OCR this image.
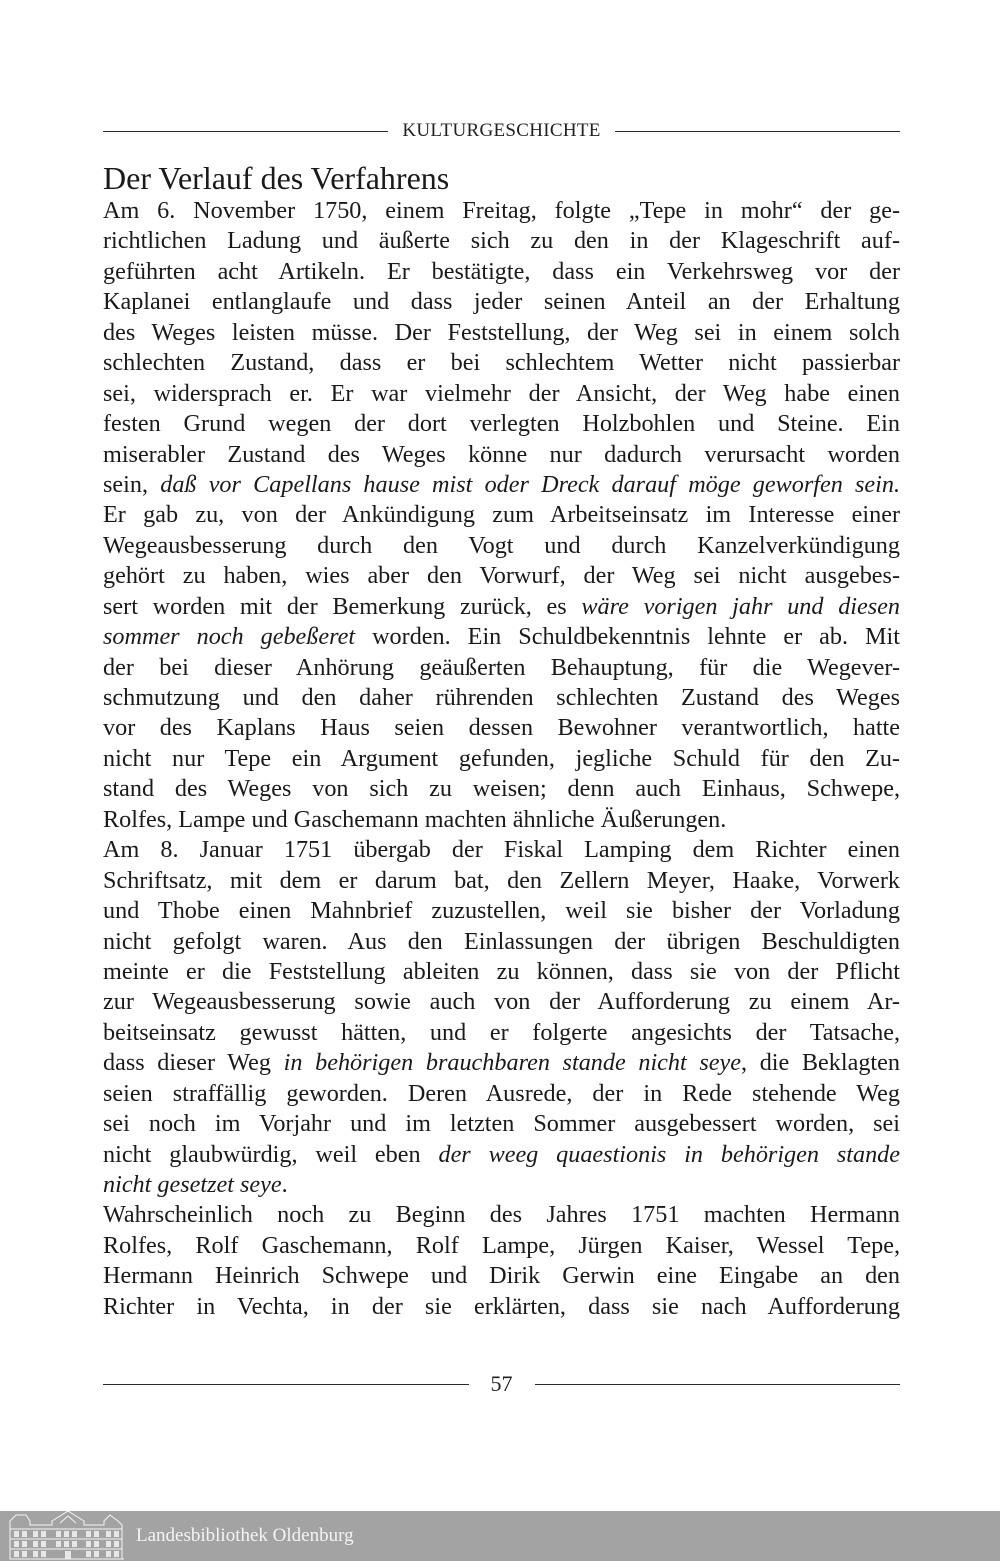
KULTURGESCHICHTE
Der Verlauf des Verfahrens
Am 6. November 1750, einem Freitag, folgte „Tepe in mohr“ der ge-
richtlichen Ladung und äußerte sich zu den in der Klageschrift auf-
geführten acht Artikeln. Er bestätigte, dass ein Verkehrsweg vor der
Kaplanei entlanglaufe und dass jeder seinen Anteil an der Erhaltung
des Weges leisten müsse. Der Feststellung, der Weg sei in einem solch
schlechten Zustand, dass er bei schlechtem Wetter nicht passierbar
sei, widersprach er. Er war vielmehr der Ansicht, der Weg habe einen
festen Grund wegen der dort verlegten Holzbohlen und Steine. Ein
miserabler Zustand des Weges könne nur dadurch verursacht worden
sein, daß vor Capellans hause mist oder Dreck darauf möge geworfen sein.
Er gab zu, von der Ankündigung zum Arbeitseinsatz im Interesse einer
Wegeausbesserung durch den Vogt und durch Kanzelverkündigung
gehört zu haben, wies aber den Vorwurf, der Weg sei nicht ausgebes-
sert worden mit der Bemerkung zurück, es wäre vorigen jahr und diesen
sommer noch gebeßeret worden. Ein Schuldbekenntnis lehnte er ab. Mit
der bei dieser Anhörung geäußerten Behauptung, für die Wegever-
schmutzung und den daher rührenden schlechten Zustand des Weges
vor des Kaplans Haus seien dessen Bewohner verantwortlich, hatte
nicht nur Tepe ein Argument gefunden, jegliche Schuld für den Zu-
stand des Weges von sich zu weisen; denn auch Einhaus, Schwepe,
Rolfes, Lampe und Gaschemann machten ähnliche Äußerungen.
Am 8. Januar 1751 übergab der Fiskal Lamping dem Richter einen
Schriftsatz, mit dem er darum bat, den Zellern Meyer, Haake, Vorwerk
und Thobe einen Mahnbrief zuzustellen, weil sie bisher der Vorladung
nicht gefolgt waren. Aus den Einlassungen der übrigen Beschuldigten
meinte er die Feststellung ableiten zu können, dass sie von der Pflicht
zur Wegeausbesserung sowie auch von der Aufforderung zu einem Ar-
beitseinsatz gewusst hätten, und er folgerte angesichts der Tatsache,
dass dieser Weg in behörigen brauchbaren stande nicht seye, die Beklagten
seien straffällig geworden. Deren Ausrede, der in Rede stehende Weg
sei noch im Vorjahr und im letzten Sommer ausgebessert worden, sei
nicht glaubwürdig, weil eben der weeg quaestionis in behörigen stande
nicht gesetzet seye.
Wahrscheinlich noch zu Beginn des Jahres 1751 machten Hermann
Rolfes, Rolf Gaschemann, Rolf Lampe, Jürgen Kaiser, Wessel Tepe,
Hermann Heinrich Schwepe und Dirik Gerwin eine Eingabe an den
Richter in Vechta, in der sie erklärten, dass sie nach Aufforderung
57
Landesbibliothek Oldenburg
